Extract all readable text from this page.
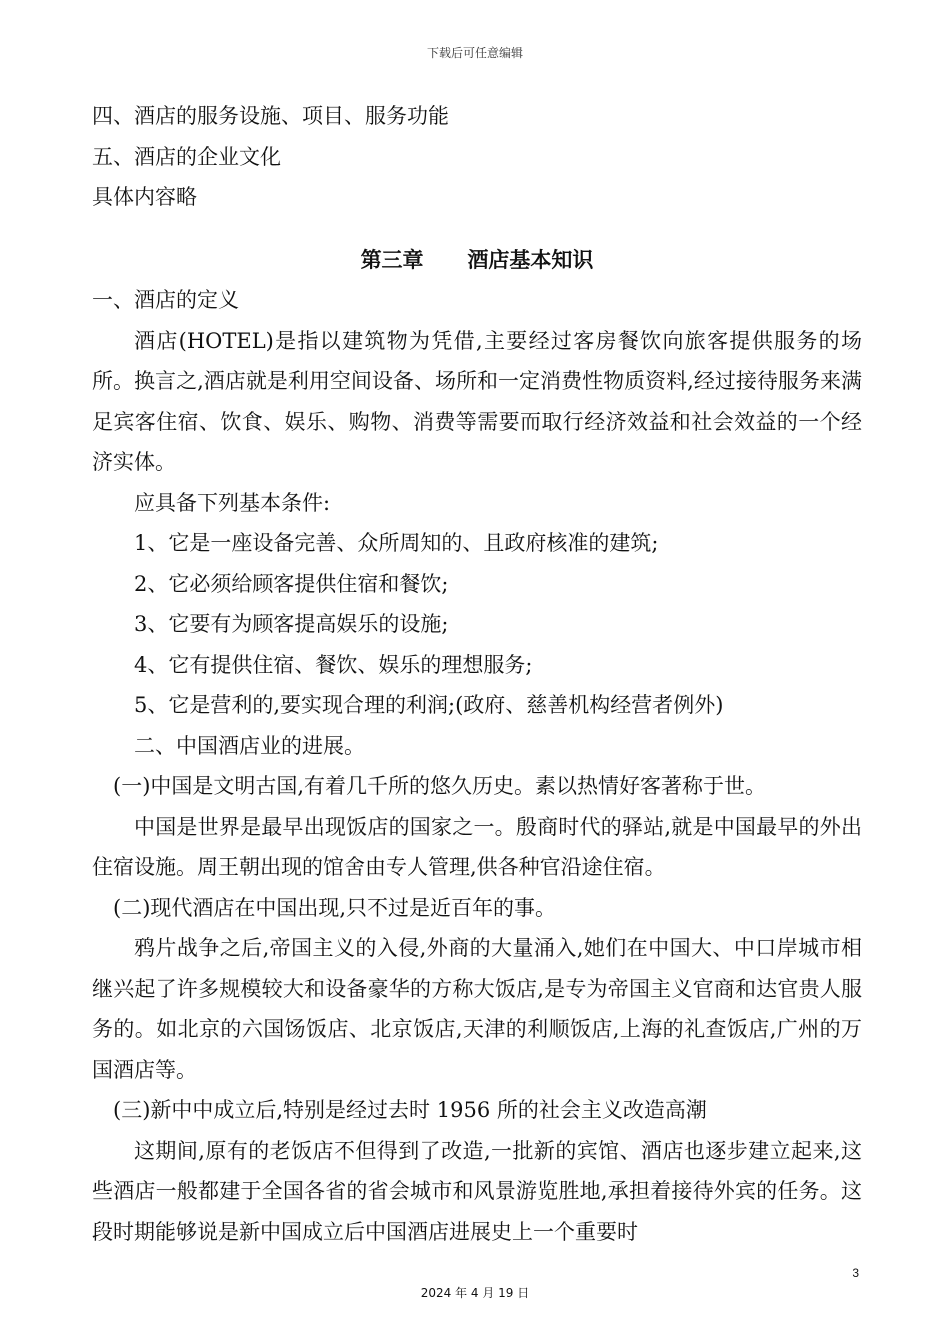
下载后可任意编辑
四、酒店的服务设施、项目、服务功能
五、酒店的企业文化
具体内容略
第三章      酒店基本知识
一、酒店的定义
酒店(HOTEL)是指以建筑物为凭借,主要经过客房餐饮向旅客提供服务的场所。换言之,酒店就是利用空间设备、场所和一定消费性物质资料,经过接待服务来满足宾客住宿、饮食、娱乐、购物、消费等需要而取行经济效益和社会效益的一个经济实体。
应具备下列基本条件:
1、它是一座设备完善、众所周知的、且政府核准的建筑;
2、它必须给顾客提供住宿和餐饮;
3、它要有为顾客提高娱乐的设施;
4、它有提供住宿、餐饮、娱乐的理想服务;
5、它是营利的,要实现合理的利润;(政府、慈善机构经营者例外)
二、中国酒店业的进展。
(一)中国是文明古国,有着几千所的悠久历史。素以热情好客著称于世。
中国是世界是最早出现饭店的国家之一。殷商时代的驿站,就是中国最早的外出住宿设施。周王朝出现的馆舍由专人管理,供各种官沿途住宿。
(二)现代酒店在中国出现,只不过是近百年的事。
鸦片战争之后,帝国主义的入侵,外商的大量涌入,她们在中国大、中口岸城市相继兴起了许多规模较大和设备豪华的方称大饭店,是专为帝国主义官商和达官贵人服务的。如北京的六国饧饭店、北京饭店,天津的利顺饭店,上海的礼查饭店,广州的万国酒店等。
(三)新中中成立后,特别是经过去时 1956 所的社会主义改造高潮
这期间,原有的老饭店不但得到了改造,一批新的宾馆、酒店也逐步建立起来,这些酒店一般都建于全国各省的省会城市和风景游览胜地,承担着接待外宾的任务。这段时期能够说是新中国成立后中国酒店进展史上一个重要时
3
2024 年 4 月 19 日
